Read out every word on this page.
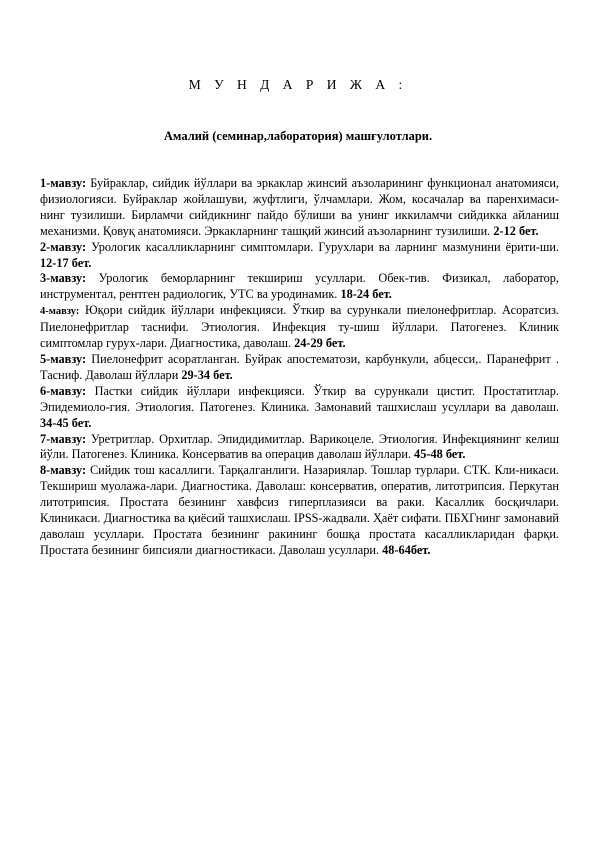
М У Н Д А Р И Ж А :
Амалий (семинар,лаборатория) машғулотлари.
1-мавзу: Буйраклар, сийдик йўллари ва эркаклар жинсий аъзоларининг функционал анатомияси, физиологияси. Буйраклар жойлашуви, жуфтлиги, ўлчамлари. Жом, косачалар ва паренхимаси-нинг тузилиши. Бирламчи сийдикнинг пайдо бўлиши ва унинг иккиламчи сийдикка айланиш механизми. Қовуқ анатомияси. Эркакларнинг ташқий жинсий аъзоларнинг тузилиши. 2-12 бет.
2-мавзу: Урологик касалликларнинг симптомлари. Гурухлари ва ларнинг мазмунини ёрити-ши. 12-17 бет.
3-мавзу: Урологик беморларнинг текшириш усуллари. Обек-тив. Физикал, лаборатор, инструментал, рентген радиологик, УТС ва уродинамик. 18-24 бет.
4-мавзу: Юқори сийдик йўллари инфекцияси. Ўткир ва сурункали пиелонефритлар. Асоратсиз. Пиелонефритлар таснифи. Этиология. Инфекция ту-шиш йўллари. Патогенез. Клиник симптомлар гурух-лари. Диагностика, даволаш. 24-29 бет.
5-мавзу: Пиелонефрит асоратланган. Буйрак апостематози, карбункули, абцесси,. Паранефрит . Тасниф. Даволаш йўллари 29-34 бет.
6-мавзу: Пастки сийдик йўллари инфекцияси. Ўткир ва сурункали цистит. Простатитлар. Эпидемиоло-гия. Этиология. Патогенез. Клиника. Замонавий ташхислаш усуллари ва даволаш. 34-45 бет.
7-мавзу: Уретритлар. Орхитлар. Эпидидимитлар. Варикоцеле. Этиология. Инфекциянинг келиш йўли. Патогенез. Клиника. Консерватив ва операцив даволаш йўллари. 45-48 бет.
8-мавзу: Сийдик тош касаллиги. Тарқалганлиги. Назариялар. Тошлар турлари. СТК. Кли-никаси. Текшириш муолажа-лари. Диагностика. Даволаш: консерватив, оператив, литотрипсия. Перкутан литотрипсия. Простата безининг хавфсиз гиперплазияси ва раки. Касаллик босқичлари. Клиникаси. Диагностика ва қиёсий ташхислаш. IPSS-жадвали. Ҳаёт сифати. ПБХГнинг замонавий даволаш усуллари. Простата безининг ракининг бошқа простата касалликларидан фарқи. Простата безининг бипсияли диагностикаси. Даволаш усуллари. 48-64бет.
